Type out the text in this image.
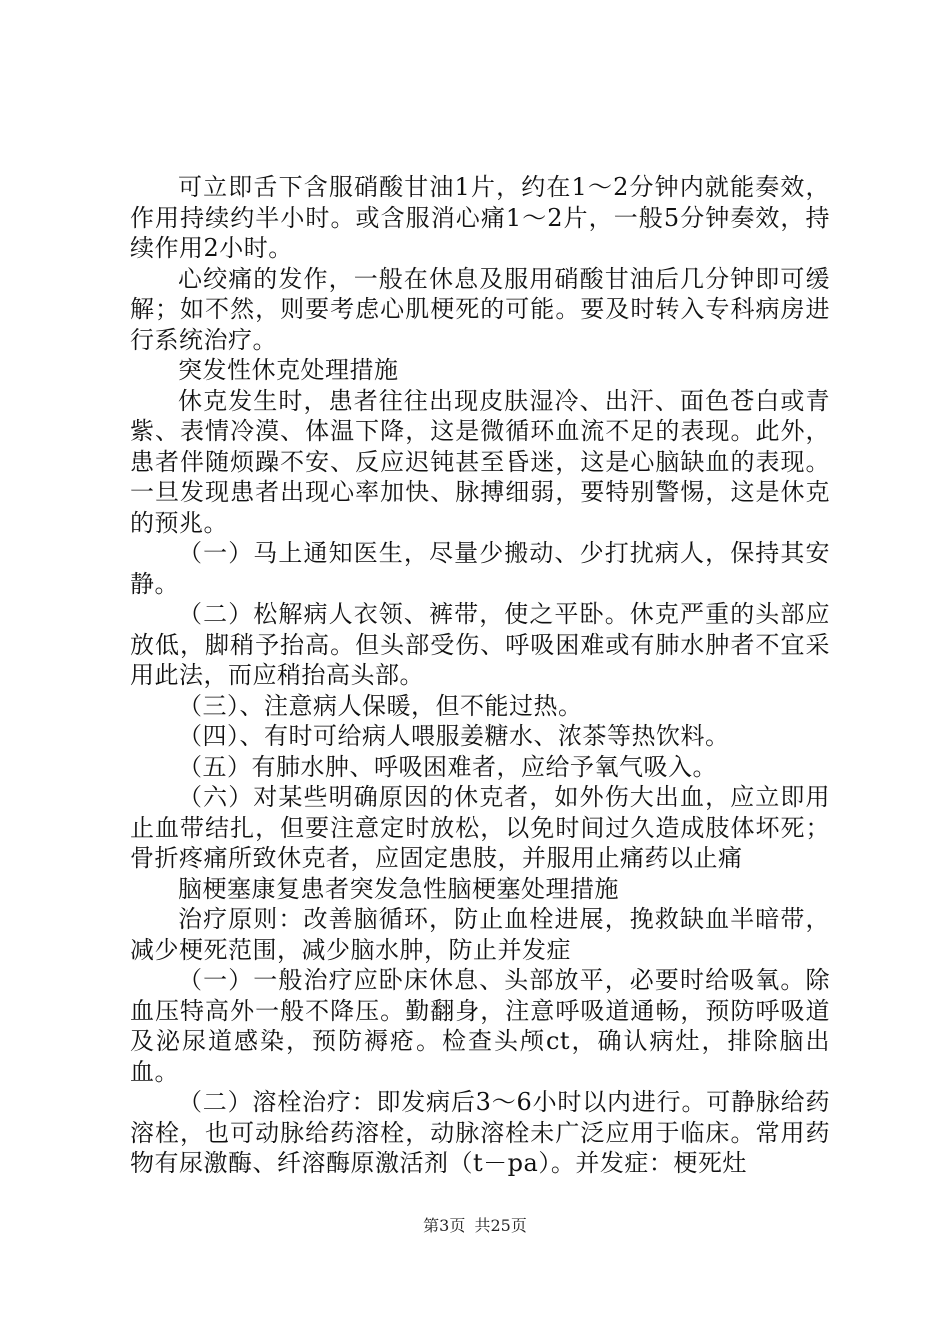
可立即舌下含服硝酸甘油1片，约在1～2分钟内就能奏效，作用持续约半小时。或含服消心痛1～2片，一般5分钟奏效，持续作用2小时。

心绞痛的发作，一般在休息及服用硝酸甘油后几分钟即可缓解；如不然，则要考虑心肌梗死的可能。要及时转入专科病房进行系统治疗。

突发性休克处理措施

休克发生时，患者往往出现皮肤湿冷、出汗、面色苍白或青紫、表情冷漠、体温下降，这是微循环血流不足的表现。此外，患者伴随烦躁不安、反应迟钝甚至昏迷，这是心脑缺血的表现。一旦发现患者出现心率加快、脉搏细弱，要特别警惕，这是休克的预兆。

（一）马上通知医生，尽量少搬动、少打扰病人，保持其安静。

（二）松解病人衣领、裤带，使之平卧。休克严重的头部应放低，脚稍予抬高。但头部受伤、呼吸困难或有肺水肿者不宜采用此法，而应稍抬高头部。

（三）、注意病人保暖，但不能过热。

（四）、有时可给病人喂服姜糖水、浓茶等热饮料。

（五）有肺水肿、呼吸困难者，应给予氧气吸入。

（六）对某些明确原因的休克者，如外伤大出血，应立即用止血带结扎，但要注意定时放松，以免时间过久造成肢体坏死；骨折疼痛所致休克者，应固定患肢，并服用止痛药以止痛

脑梗塞康复患者突发急性脑梗塞处理措施

治疗原则：改善脑循环，防止血栓进展，挽救缺血半暗带，减少梗死范围，减少脑水肿，防止并发症

（一）一般治疗应卧床休息、头部放平，必要时给吸氧。除血压特高外一般不降压。勤翻身，注意呼吸道通畅，预防呼吸道及泌尿道感染，预防褥疮。检查头颅ct，确认病灶，排除脑出血。

（二）溶栓治疗：即发病后3～6小时以内进行。可静脉给药溶栓，也可动脉给药溶栓，动脉溶栓未广泛应用于临床。常用药物有尿激酶、纤溶酶原激活剂（t－pa）。并发症：梗死灶

第3页 共25页
